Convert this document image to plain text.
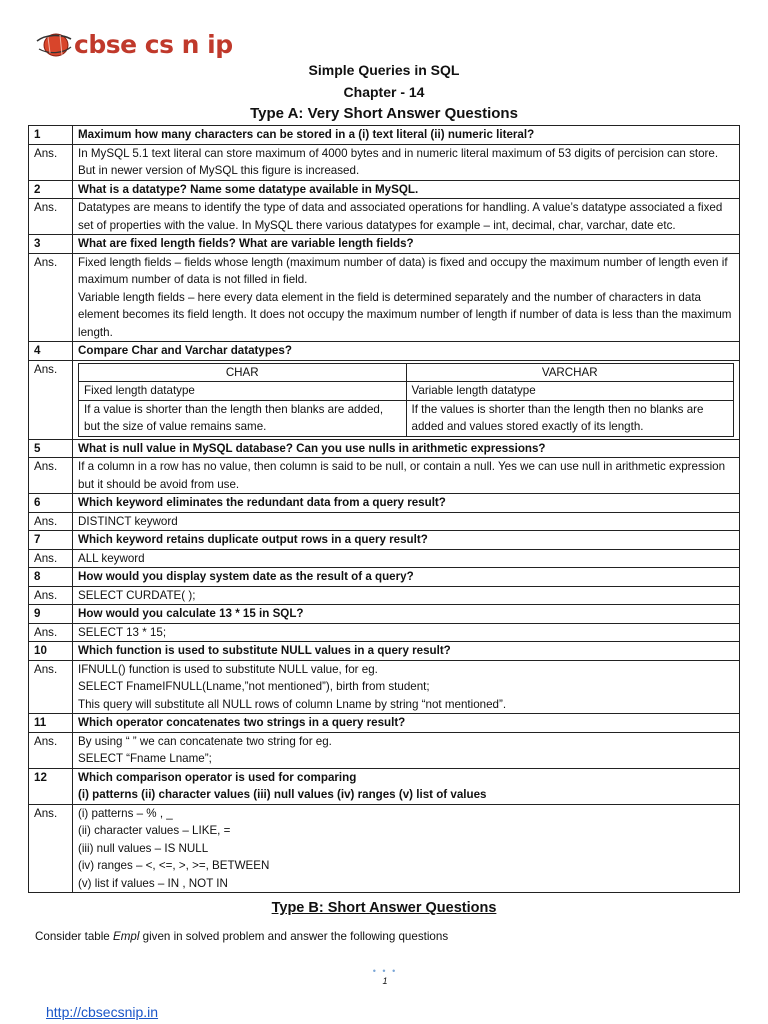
cbse cs n ip
Simple Queries in SQL
Chapter - 14
Type A: Very Short Answer Questions
1	Maximum how many characters can be stored in a (i) text literal (ii) numeric literal?

Ans.	In MySQL 5.1 text literal can store maximum of 4000 bytes and in numeric literal maximum of 53 digits of percision can store. But in newer version of MySQL this figure is increased.

2	What is a datatype? Name some datatype available in MySQL.

Ans.	Datatypes are means to identify the type of data and associated operations for handling. A value’s datatype associated a fixed set of properties with the value. In MySQL there various datatypes for example – int, decimal, char, varchar, date etc.

3	What are fixed length fields? What are variable length fields?

Ans.	Fixed length fields – fields whose length (maximum number of data) is fixed and occupy the maximum number of length even if maximum number of data is not filled in field.

Variable length fields – here every data element in the field is determined separately and the number of characters in data element becomes its field length. It does not occupy the maximum number of length if number of data is less than the maximum length.

4	Compare Char and Varchar datatypes?

Ans.		CHAR	VARCHAR
Fixed length datatype	Variable length datatype
If a value is shorter than the length then blanks are added, but the size of value remains same.	If the values is shorter than the length then no blanks are added and values stored exactly of its length.

5	What is null value in MySQL database? Can you use nulls in arithmetic expressions?

Ans.	If a column in a row has no value, then column is said to be null, or contain a null. Yes we can use null in arithmetic expression but it should be avoid from use.

6	Which keyword eliminates the redundant data from a query result?

Ans.	DISTINCT keyword

7	Which keyword retains duplicate output rows in a query result?

Ans.	ALL keyword

8	How would you display system date as the result of a query?

Ans.	SELECT CURDATE( );

9	How would you calculate 13 * 15 in SQL?

Ans.	SELECT 13 * 15;

10	Which function is used to substitute NULL values in a query result?

Ans.	IFNULL() function is used to substitute NULL value, for eg.

SELECT FnameIFNULL(Lname,”not mentioned”), birth from student;

This query will substitute all NULL rows of column Lname by string “not mentioned”.

11	Which operator concatenates two strings in a query result?

Ans.	By using “ ” we can concatenate two string for eg.

SELECT “Fname Lname”;

12	Which comparison operator is used for comparing
(i) patterns (ii) character values (iii) null values (iv) ranges (v) list of values

Ans.	(i) patterns – % , _

(ii) character values – LIKE, =

(iii) null values – IS NULL

(iv) ranges – <, <=, >, >=, BETWEEN

(v) list if values – IN , NOT IN

Type B: Short Answer Questions
Consider table Empl given in solved problem and answer the following questions
• • •
1
http://cbsecsnip.in
